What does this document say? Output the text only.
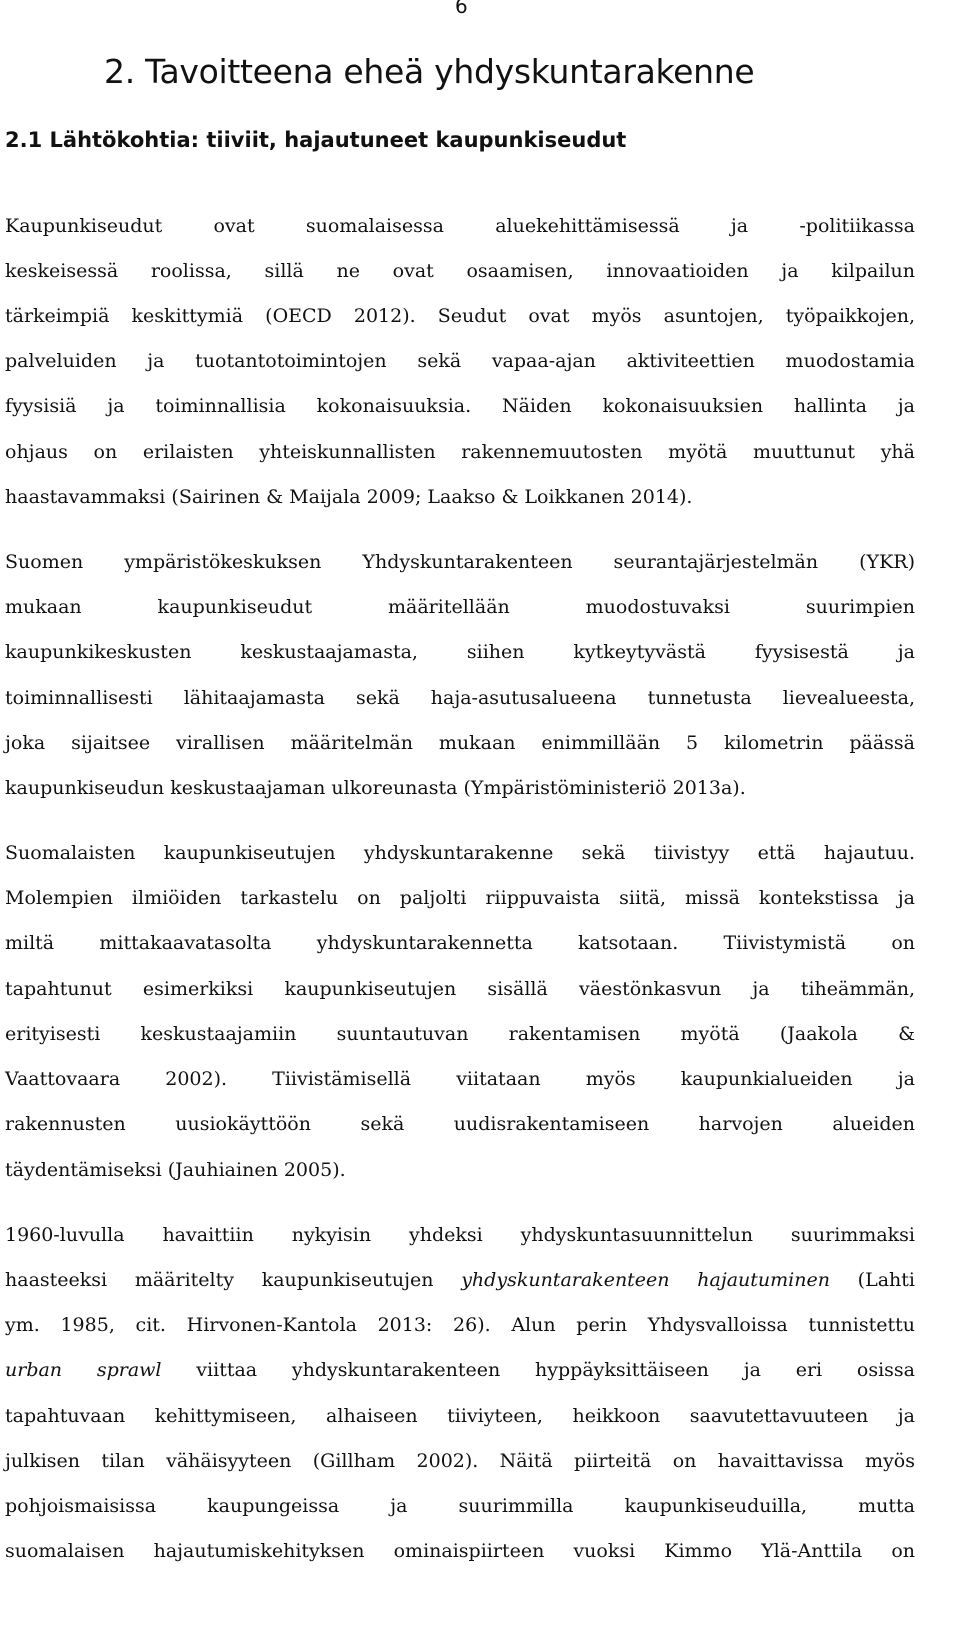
6
2. Tavoitteena eheä yhdyskuntarakenne
2.1 Lähtökohtia: tiiviit, hajautuneet kaupunkiseudut
Kaupunkiseudut ovat suomalaisessa aluekehittämisessä ja -politiikassa
keskeisessä roolissa, sillä ne ovat osaamisen, innovaatioiden ja kilpailun
tärkeimpiä keskittymiä (OECD 2012). Seudut ovat myös asuntojen, työpaikkojen,
palveluiden ja tuotantotoimintojen sekä vapaa-ajan aktiviteettien muodostamia
fyysisiä ja toiminnallisia kokonaisuuksia. Näiden kokonaisuuksien hallinta ja
ohjaus on erilaisten yhteiskunnallisten rakennemuutosten myötä muuttunut yhä
haastavammaksi (Sairinen & Maijala 2009; Laakso & Loikkanen 2014).
Suomen ympäristökeskuksen Yhdyskuntarakenteen seurantajärjestelmän (YKR)
mukaan kaupunkiseudut määritellään muodostuvaksi suurimpien
kaupunkikeskusten keskustaajamasta, siihen kytkeytyvästä fyysisestä ja
toiminnallisesti lähitaajamasta sekä haja-asutusalueena tunnetusta lievealueesta,
joka sijaitsee virallisen määritelmän mukaan enimmillään 5 kilometrin päässä
kaupunkiseudun keskustaajaman ulkoreunasta (Ympäristöministeriö 2013a).
Suomalaisten kaupunkiseutujen yhdyskuntarakenne sekä tiivistyy että hajautuu.
Molempien ilmiöiden tarkastelu on paljolti riippuvaista siitä, missä kontekstissa ja
miltä mittakaavatasolta yhdyskuntarakennetta katsotaan. Tiivistymistä on
tapahtunut esimerkiksi kaupunkiseutujen sisällä väestönkasvun ja tiheämmän,
erityisesti keskustaajamiin suuntautuvan rakentamisen myötä (Jaakola &
Vaattovaara 2002). Tiivistämisellä viitataan myös kaupunkialueiden ja
rakennusten uusiokäyttöön sekä uudisrakentamiseen harvojen alueiden
täydentämiseksi (Jauhiainen 2005).
1960-luvulla havaittiin nykyisin yhdeksi yhdyskuntasuunnittelun suurimmaksi
haasteeksi määritelty kaupunkiseutujen yhdyskuntarakenteen hajautuminen (Lahti
ym. 1985, cit. Hirvonen-Kantola 2013: 26). Alun perin Yhdysvalloissa tunnistettu
urban sprawl viittaa yhdyskuntarakenteen hyppäyksittäiseen ja eri osissa
tapahtuvaan kehittymiseen, alhaiseen tiiviyteen, heikkoon saavutettavuuteen ja
julkisen tilan vähäisyyteen (Gillham 2002). Näitä piirteitä on havaittavissa myös
pohjoismaisissa kaupungeissa ja suurimmilla kaupunkiseuduilla, mutta
suomalaisen hajautumiskehityksen ominaispiirteen vuoksi Kimmo Ylä-Anttila on
